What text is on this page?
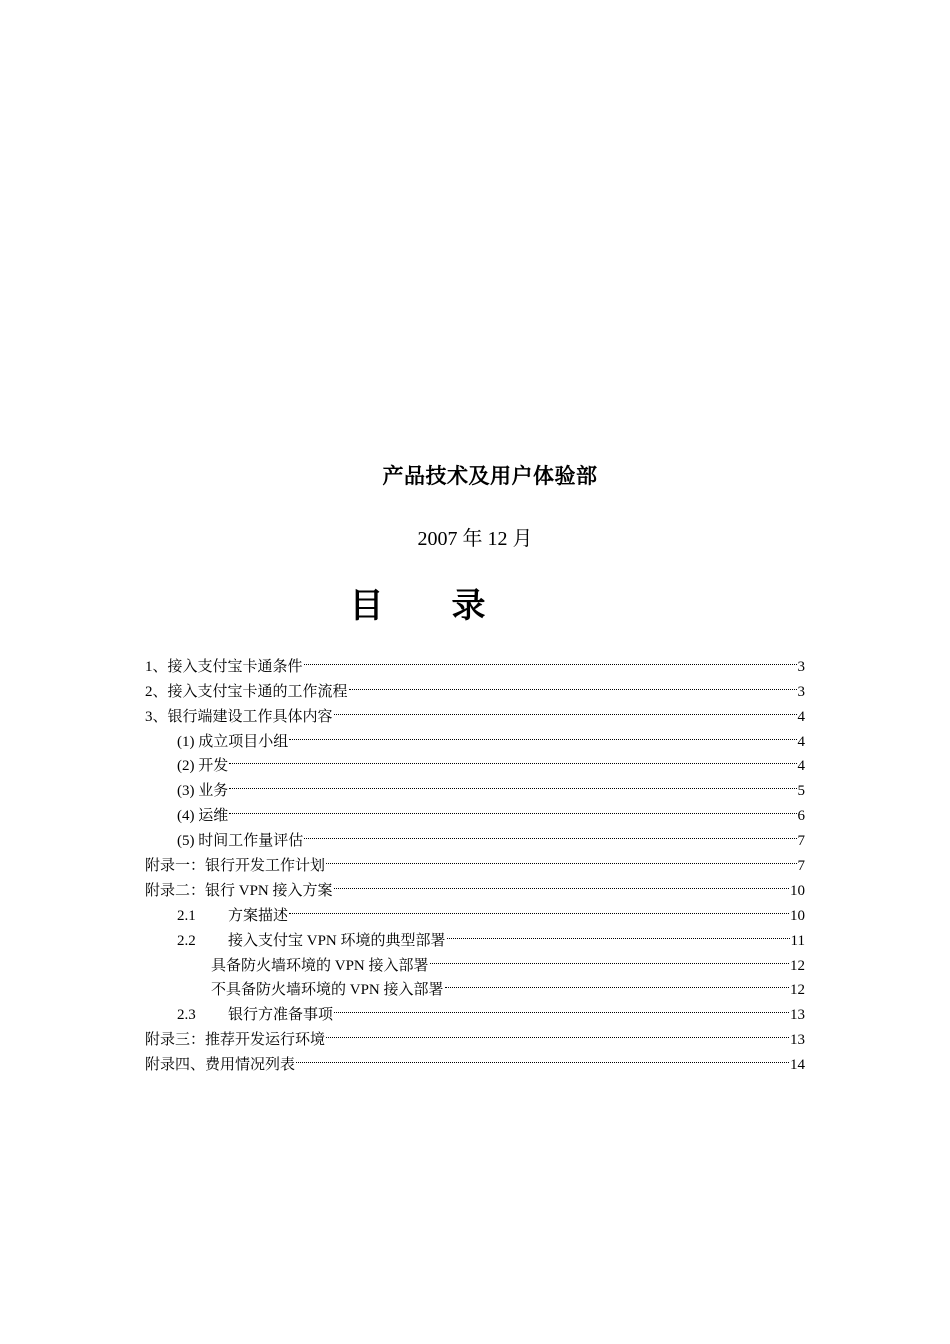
产品技术及用户体验部
2007 年 12 月
目 录
1、接入支付宝卡通条件	3
2、接入支付宝卡通的工作流程	3
3、银行端建设工作具体内容	4
(1) 成立项目小组	4
(2) 开发	4
(3) 业务	5
(4) 运维	6
(5) 时间工作量评估	7
附录一：银行开发工作计划	7
附录二：银行 VPN 接入方案	10
2.1	方案描述	10
2.2	接入支付宝 VPN 环境的典型部署	11
具备防火墙环境的 VPN 接入部署	12
不具备防火墙环境的 VPN 接入部署	12
2.3	银行方准备事项	13
附录三：推荐开发运行环境	13
附录四、费用情况列表	14
